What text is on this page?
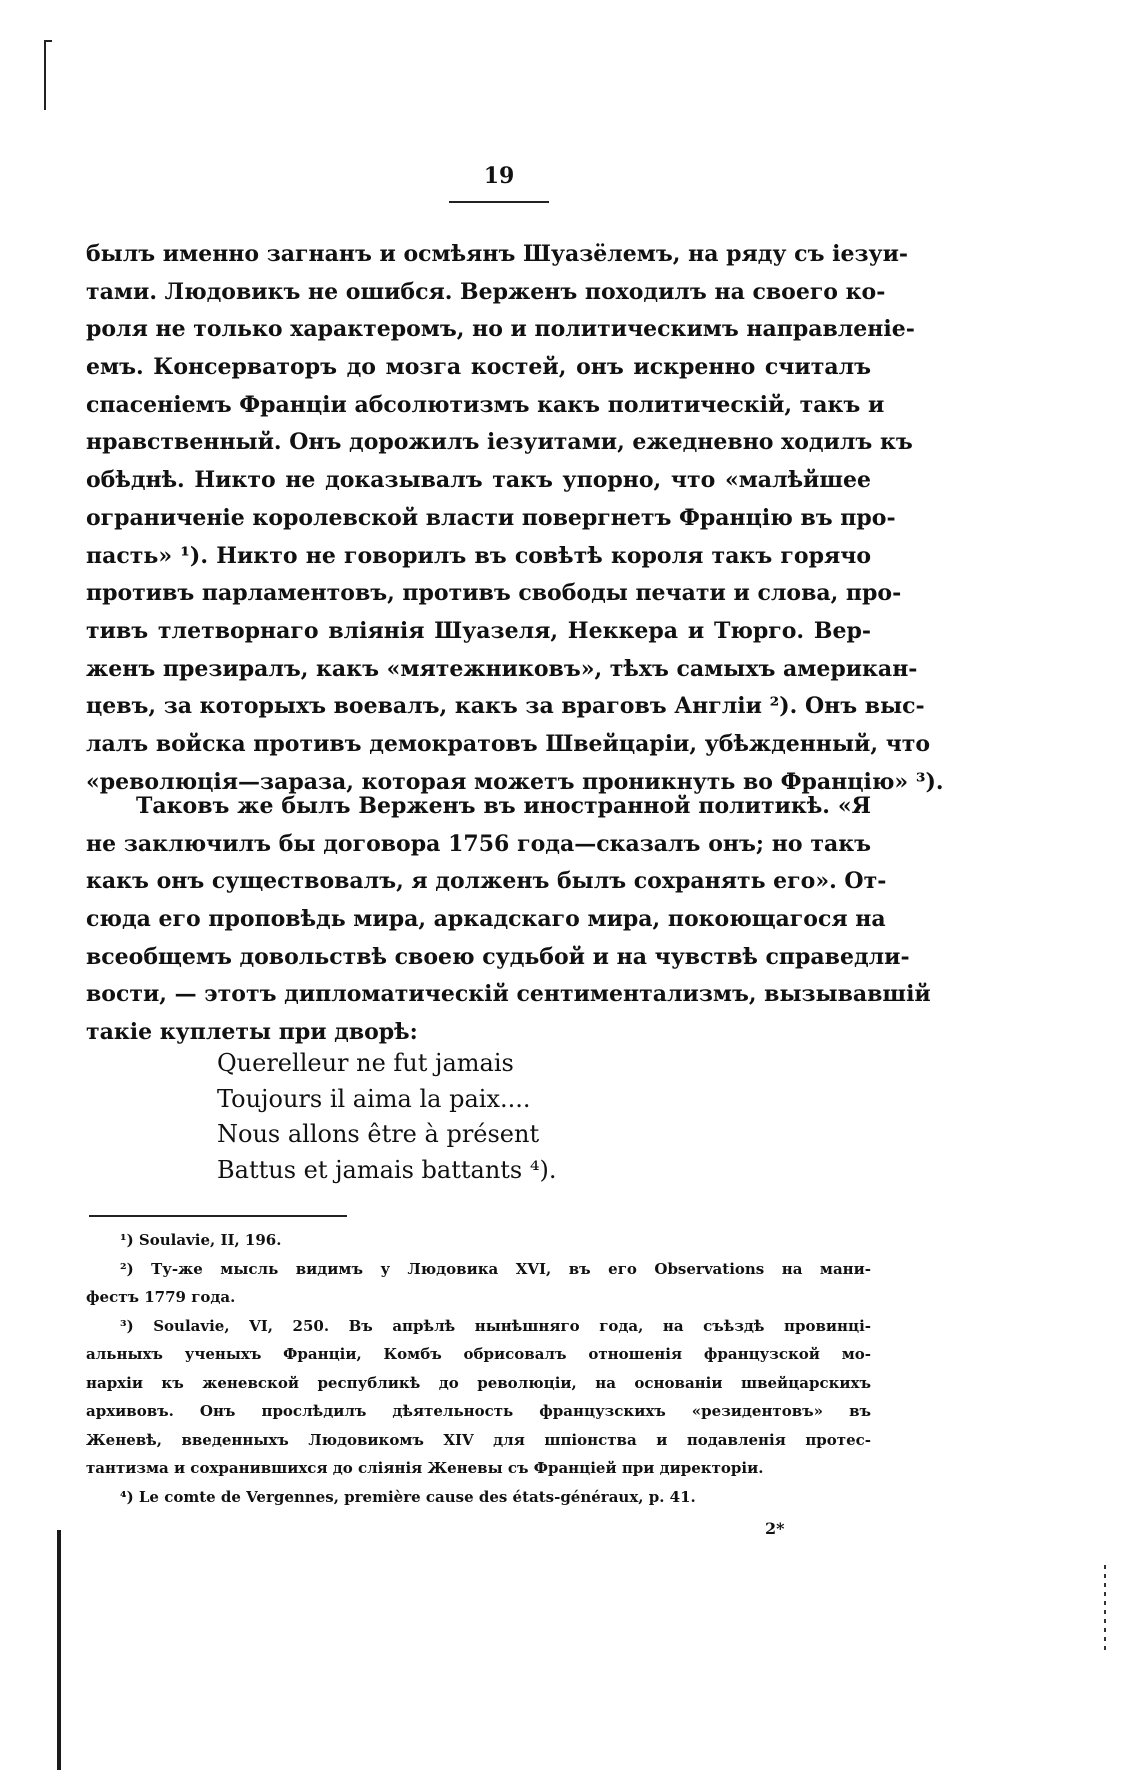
19
былъ именно загнанъ и осмѣянъ Шуазёлемъ, на ряду съ іезуи-
тами. Людовикъ не ошибся. Верженъ походилъ на своего ко-
роля не только характеромъ, но и политическимъ направленіе-
емъ. Консерваторъ до мозга костей, онъ искренно считалъ
спасеніемъ Франціи абсолютизмъ какъ политическій, такъ и
нравственный. Онъ дорожилъ іезуитами, ежедневно ходилъ къ
обѣднѣ. Никто не доказывалъ такъ упорно, что «малѣйшее
ограниченіе королевской власти повергнетъ Францію въ про-
пасть» ¹). Никто не говорилъ въ совѣтѣ короля такъ горячо
противъ парламентовъ, противъ свободы печати и слова, про-
тивъ тлетворнаго вліянія Шуазеля, Неккера и Тюрго. Вер-
женъ презиралъ, какъ «мятежниковъ», тѣхъ самыхъ американ-
цевъ, за которыхъ воевалъ, какъ за враговъ Англіи ²). Онъ выс-
лалъ войска противъ демократовъ Швейцаріи, убѣжденный, что
«революція—зараза, которая можетъ проникнуть во Францію» ³).
Таковъ же былъ Верженъ въ иностранной политикѣ. «Я
не заключилъ бы договора 1756 года—сказалъ онъ; но такъ
какъ онъ существовалъ, я долженъ былъ сохранять его». От-
сюда его проповѣдь мира, аркадскаго мира, покоющагося на
всеобщемъ довольствѣ своею судьбой и на чувствѣ справедли-
вости, — этотъ дипломатическій сентиментализмъ, вызывавшій
такіе куплеты при дворѣ:
Querelleur ne fut jamais
Toujours il aima la paix....
Nous allons être à présent
Battus et jamais battants ⁴).
¹) Soulavie, II, 196.
²) Ту-же мысль видимъ у Людовика XVI, въ его Observations на мани-
фестъ 1779 года.
³) Soulavie, VI, 250. Въ апрѣлѣ нынѣшняго года, на съѣздѣ провинці-
альныхъ ученыхъ Франціи, Комбъ обрисовалъ отношенія французской мо-
нархіи къ женевской республикѣ до революціи, на основаніи швейцарскихъ
архивовъ. Онъ прослѣдилъ дѣятельность французскихъ «резидентовъ» въ
Женевѣ, введенныхъ Людовикомъ XIV для шпіонства и подавленія протес-
тантизма и сохранившихся до сліянія Женевы съ Франціей при директоріи.
⁴) Le comte de Vergennes, première cause des états-généraux, p. 41.
2*
